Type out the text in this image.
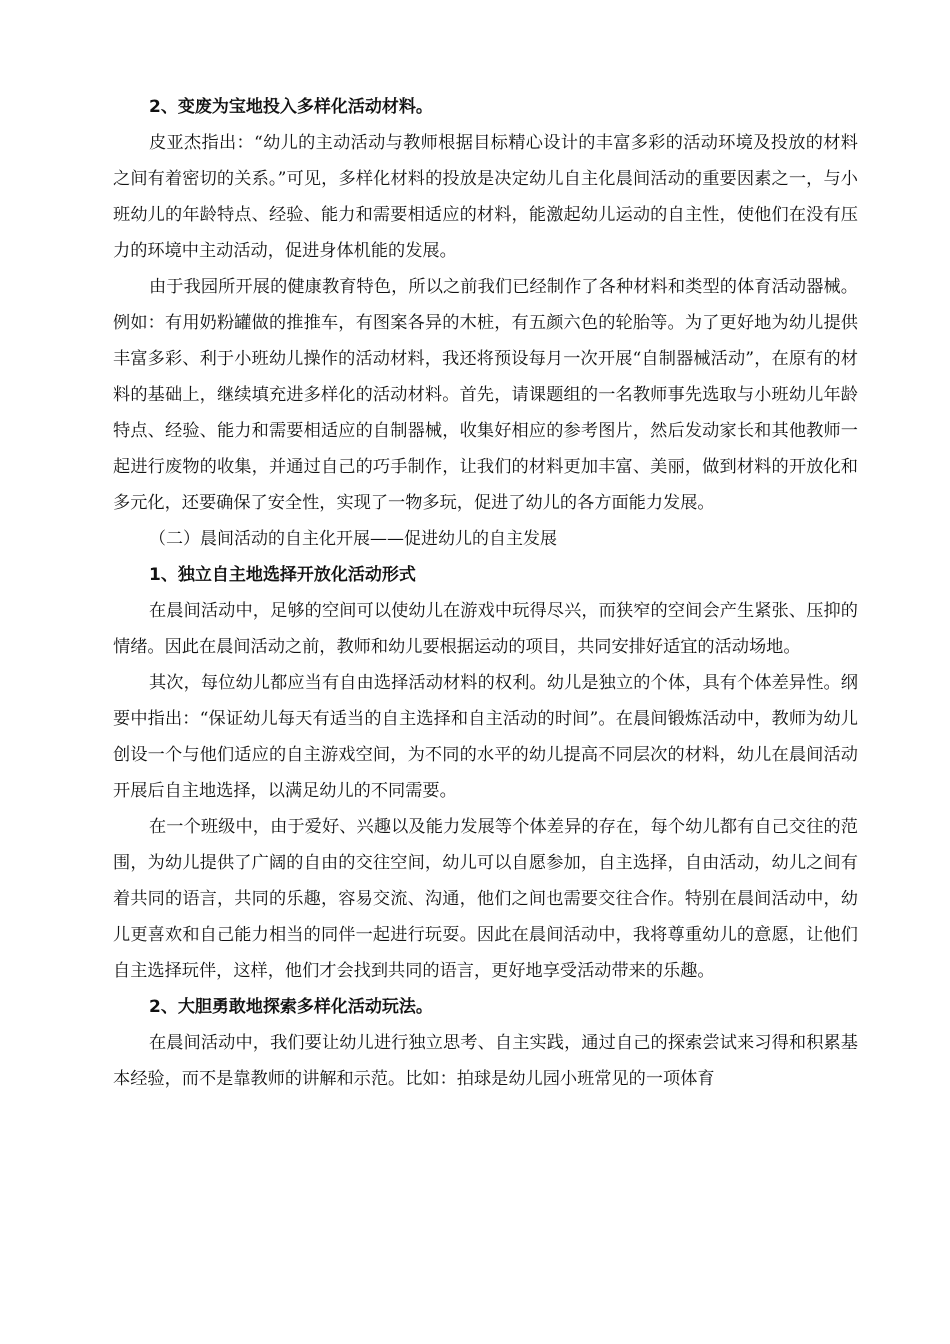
2、变废为宝地投入多样化活动材料。

皮亚杰指出：“幼儿的主动活动与教师根据目标精心设计的丰富多彩的活动环境及投放的材料之间有着密切的关系。”可见，多样化材料的投放是决定幼儿自主化晨间活动的重要因素之一，与小班幼儿的年龄特点、经验、能力和需要相适应的材料，能激起幼儿运动的自主性，使他们在没有压力的环境中主动活动，促进身体机能的发展。

由于我园所开展的健康教育特色，所以之前我们已经制作了各种材料和类型的体育活动器械。例如：有用奶粉罐做的推推车，有图案各异的木桩，有五颜六色的轮胎等。为了更好地为幼儿提供丰富多彩、利于小班幼儿操作的活动材料，我还将预设每月一次开展“自制器械活动”，在原有的材料的基础上，继续填充进多样化的活动材料。首先，请课题组的一名教师事先选取与小班幼儿年龄特点、经验、能力和需要相适应的自制器械，收集好相应的参考图片，然后发动家长和其他教师一起进行废物的收集，并通过自己的巧手制作，让我们的材料更加丰富、美丽，做到材料的开放化和多元化，还要确保了安全性，实现了一物多玩，促进了幼儿的各方面能力发展。

（二）晨间活动的自主化开展——促进幼儿的自主发展

1、独立自主地选择开放化活动形式

在晨间活动中，足够的空间可以使幼儿在游戏中玩得尽兴，而狭窄的空间会产生紧张、压抑的情绪。因此在晨间活动之前，教师和幼儿要根据运动的项目，共同安排好适宜的活动场地。

其次，每位幼儿都应当有自由选择活动材料的权利。幼儿是独立的个体，具有个体差异性。纲要中指出：“保证幼儿每天有适当的自主选择和自主活动的时间”。在晨间锻炼活动中，教师为幼儿创设一个与他们适应的自主游戏空间，为不同的水平的幼儿提高不同层次的材料，幼儿在晨间活动开展后自主地选择，以满足幼儿的不同需要。

在一个班级中，由于爱好、兴趣以及能力发展等个体差异的存在，每个幼儿都有自己交往的范围，为幼儿提供了广阔的自由的交往空间，幼儿可以自愿参加，自主选择，自由活动，幼儿之间有着共同的语言，共同的乐趣，容易交流、沟通，他们之间也需要交往合作。特别在晨间活动中，幼儿更喜欢和自己能力相当的同伴一起进行玩耍。因此在晨间活动中，我将尊重幼儿的意愿，让他们自主选择玩伴，这样，他们才会找到共同的语言，更好地享受活动带来的乐趣。

2、大胆勇敢地探索多样化活动玩法。

在晨间活动中，我们要让幼儿进行独立思考、自主实践，通过自己的探索尝试来习得和积累基本经验，而不是靠教师的讲解和示范。比如：拍球是幼儿园小班常见的一项体育
